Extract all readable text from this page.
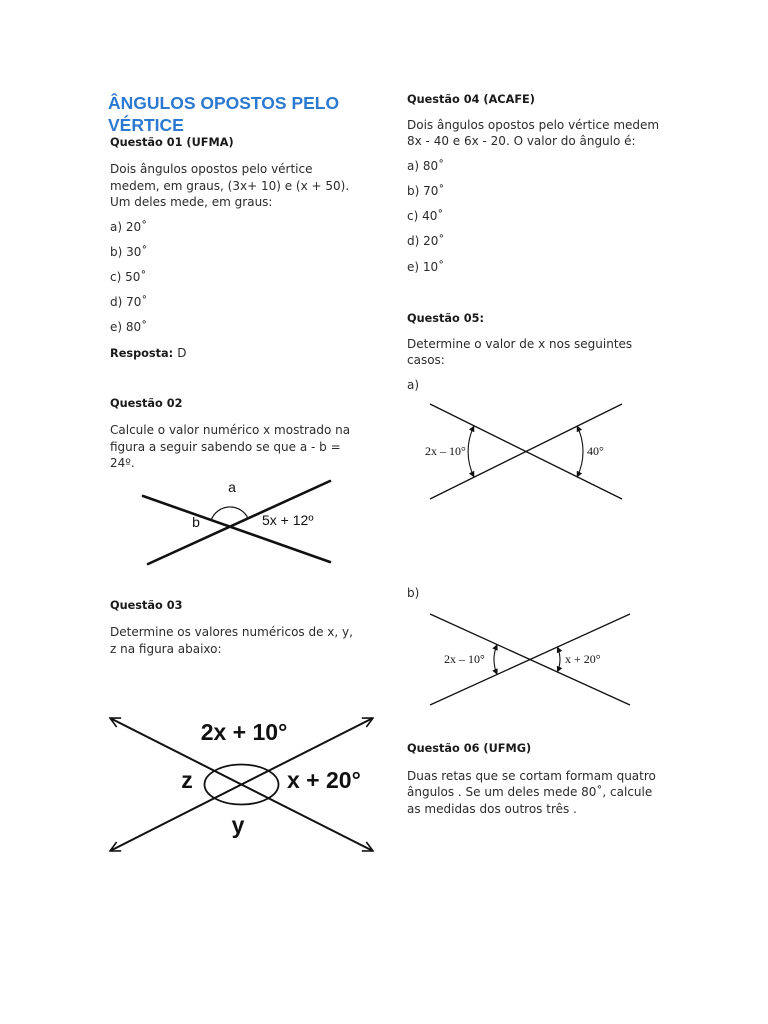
ÂNGULOS OPOSTOS PELO
VÉRTICE
Questão 01 (UFMA)
Dois ângulos opostos pelo vértice
medem, em graus, (3x+ 10) e (x + 50).
Um deles mede, em graus:
a) 20˚
b) 30˚
c) 50˚
d) 70˚
e) 80˚
Resposta: D
Questão 02
Calcule o valor numérico x mostrado na
figura a seguir sabendo se que a - b =
24º.
a
b	5x + 12º
Questão 03
Determine os valores numéricos de x, y,
z na figura abaixo:
2x + 10°
z	x + 20°
y
Questão 04 (ACAFE)
Dois ângulos opostos pelo vértice medem
8x - 40 e 6x - 20. O valor do ângulo é:
a) 80˚
b) 70˚
c) 40˚
d) 20˚
e) 10˚
Questão 05:
Determine o valor de x nos seguintes
casos:
a)
2x – 10°	40°
b)
2x – 10°	x + 20°
Questão 06 (UFMG)
Duas retas que se cortam formam quatro
ângulos . Se um deles mede 80˚, calcule
as medidas dos outros três .
